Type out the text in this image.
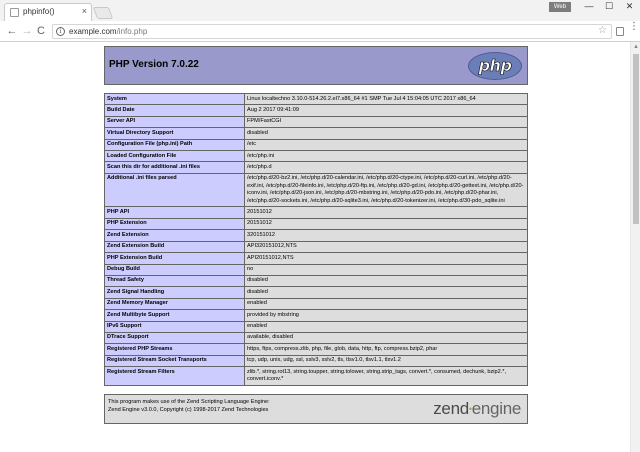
phpinfo()	×	Web	—	☐	✕
← → C	i example.com/info.php	☆ ⋮
PHP Version 7.0.22	php
System	Linux localtechno 3.10.0-514.26.2.el7.x86_64 #1 SMP Tue Jul 4 15:04:05 UTC 2017 x86_64
Build Date	Aug 2 2017 09:41:09
Server API	FPM/FastCGI
Virtual Directory Support	disabled
Configuration File (php.ini) Path	/etc
Loaded Configuration File	/etc/php.ini
Scan this dir for additional .ini files	/etc/php.d
Additional .ini files parsed	/etc/php.d/20-bz2.ini, /etc/php.d/20-calendar.ini, /etc/php.d/20-ctype.ini, /etc/php.d/20-curl.ini, /etc/php.d/20-exif.ini, /etc/php.d/20-fileinfo.ini, /etc/php.d/20-ftp.ini, /etc/php.d/20-gd.ini, /etc/php.d/20-gettext.ini, /etc/php.d/20-iconv.ini, /etc/php.d/20-json.ini, /etc/php.d/20-mbstring.ini, /etc/php.d/20-pdo.ini, /etc/php.d/20-phar.ini, /etc/php.d/20-sockets.ini, /etc/php.d/20-sqlite3.ini, /etc/php.d/20-tokenizer.ini, /etc/php.d/30-pdo_sqlite.ini
PHP API	20151012
PHP Extension	20151012
Zend Extension	320151012
Zend Extension Build	API320151012,NTS
PHP Extension Build	API20151012,NTS
Debug Build	no
Thread Safety	disabled
Zend Signal Handling	disabled
Zend Memory Manager	enabled
Zend Multibyte Support	provided by mbstring
IPv6 Support	enabled
DTrace Support	available, disabled
Registered PHP Streams	https, ftps, compress.zlib, php, file, glob, data, http, ftp, compress.bzip2, phar
Registered Stream Socket Transports	tcp, udp, unix, udg, ssl, sslv3, sslv2, tls, tlsv1.0, tlsv1.1, tlsv1.2
Registered Stream Filters	zlib.*, string.rot13, string.toupper, string.tolower, string.strip_tags, convert.*, consumed, dechunk, bzip2.*, convert.iconv.*
This program makes use of the Zend Scripting Language Engine:
Zend Engine v3.0.0, Copyright (c) 1998-2017 Zend Technologies	zend•engine
▲
